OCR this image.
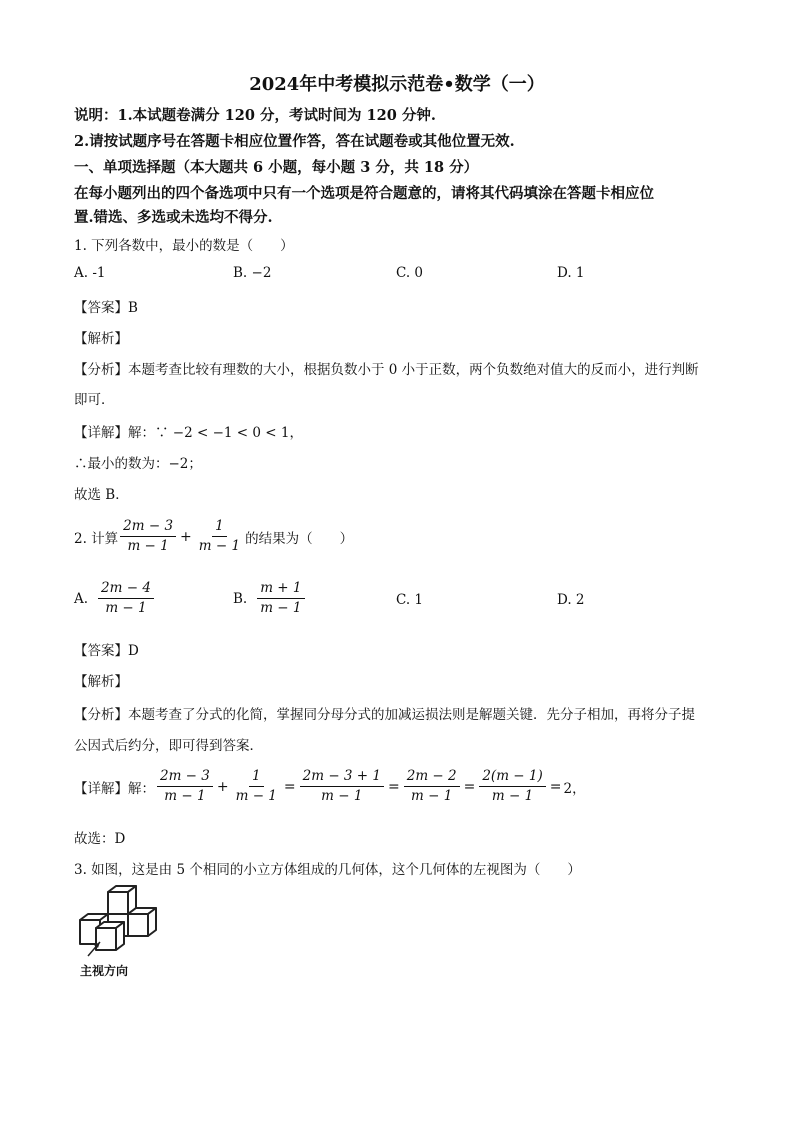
2024年中考模拟示范卷•数学（一）
说明：1.本试题卷满分 120 分，考试时间为 120 分钟.
2.请按试题序号在答题卡相应位置作答，答在试题卷或其他位置无效.
一、单项选择题（本大题共 6 小题，每小题 3 分，共 18 分）
在每小题列出的四个备选项中只有一个选项是符合题意的，请将其代码填涂在答题卡相应位
置.错选、多选或未选均不得分.
1. 下列各数中，最小的数是（　　）
A. -1	B. −2	C. 0	D. 1
【答案】B
【解析】
【分析】本题考查比较有理数的大小，根据负数小于 0 小于正数，两个负数绝对值大的反而小，进行判断
即可．
【详解】解：∵ −2 < −1 < 0 < 1，
∴最小的数为：−2；
故选 B．
2. 计算 $\frac{2m - 3}{m - 1} + \frac{1}{m - 1}$ 的结果为（　　）
A. $\frac{2m - 4}{m - 1}$	B. $\frac{m + 1}{m - 1}$	C. 1	D. 2
【答案】D
【解析】
【分析】本题考查了分式的化简，掌握同分母分式的加减运损法则是解题关键．先分子相加，再将分子提
公因式后约分，即可得到答案．
【详解】解： $\frac{2m - 3}{m - 1} + \frac{1}{m - 1} = \frac{2m - 3 + 1}{m - 1} = \frac{2m - 2}{m - 1} = \frac{2(m - 1)}{m - 1} = 2$，
故选：D
3. 如图，这是由 5 个相同的小立方体组成的几何体，这个几何体的左视图为（　　）
主视方向
